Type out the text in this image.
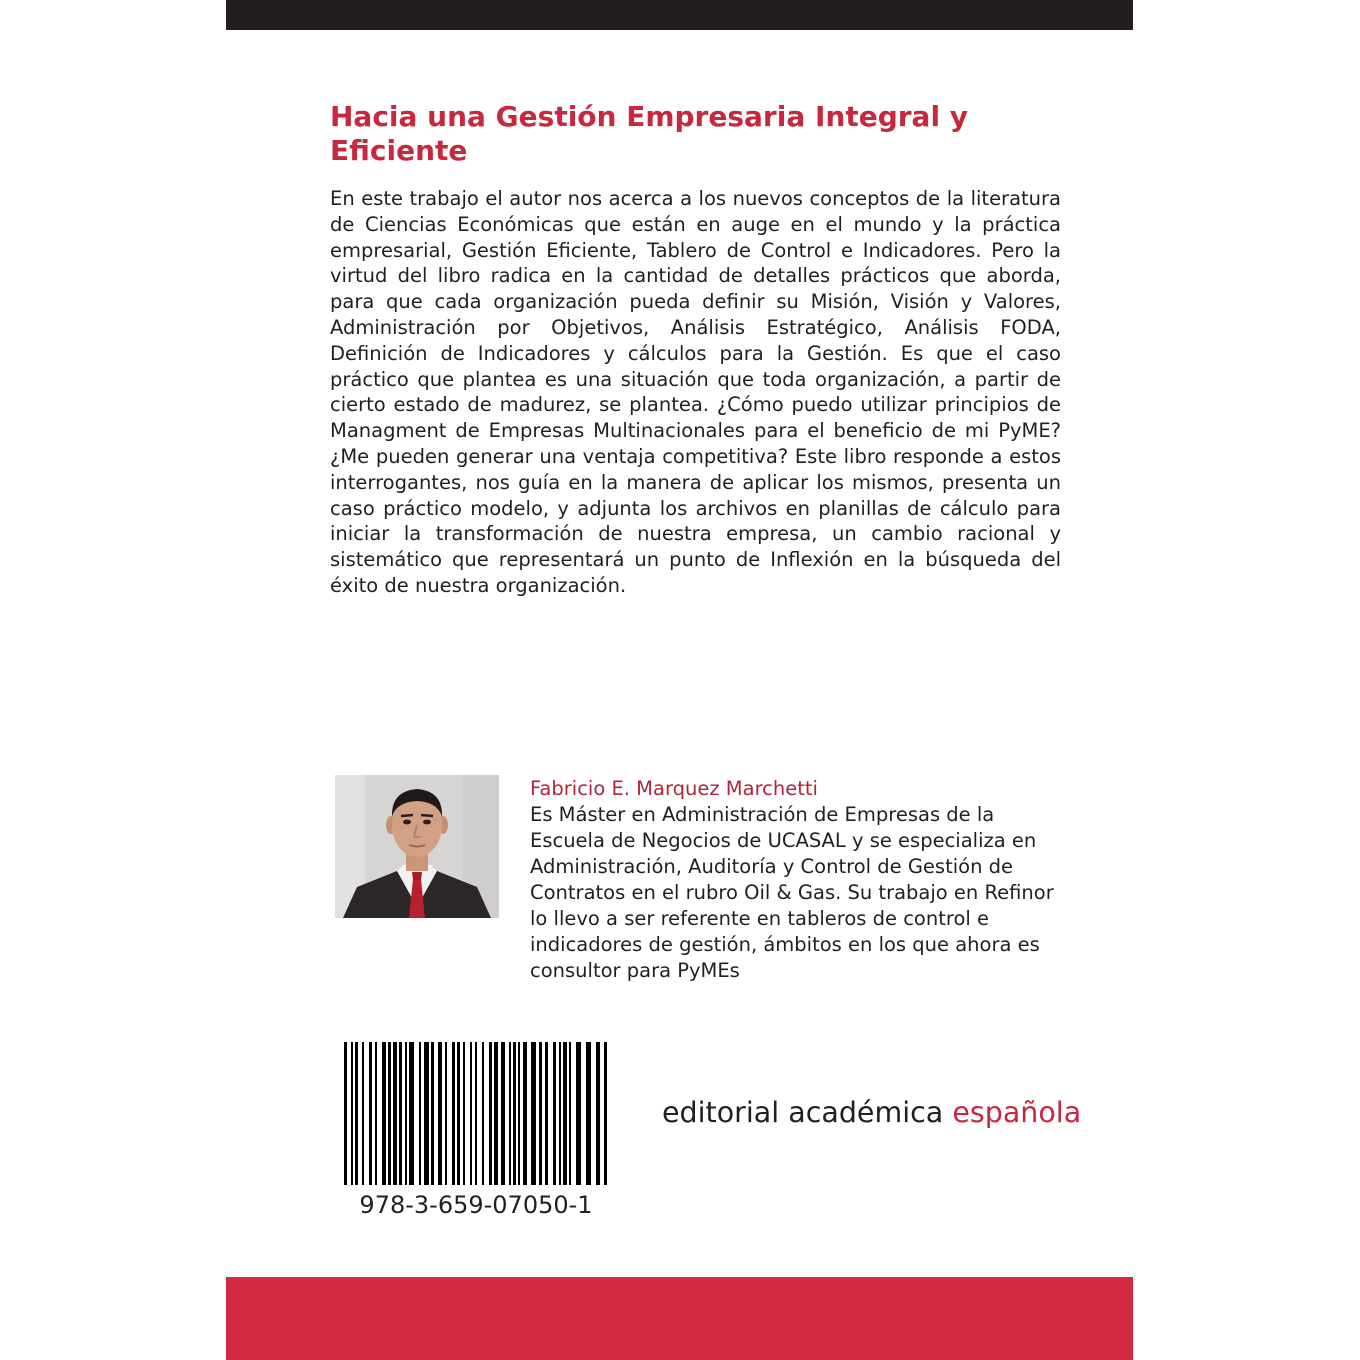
Hacia una Gestión Empresaria Integral y Eficiente

En este trabajo el autor nos acerca a los nuevos conceptos de la literatura de Ciencias Económicas que están en auge en el mundo y la práctica empresarial, Gestión Eficiente, Tablero de Control e Indicadores. Pero la virtud del libro radica en la cantidad de detalles prácticos que aborda, para que cada organización pueda definir su Misión, Visión y Valores, Administración por Objetivos, Análisis Estratégico, Análisis FODA, Definición de Indicadores y cálculos para la Gestión. Es que el caso práctico que plantea es una situación que toda organización, a partir de cierto estado de madurez, se plantea. ¿Cómo puedo utilizar principios de Managment de Empresas Multinacionales para el beneficio de mi PyME? ¿Me pueden generar una ventaja competitiva? Este libro responde a estos interrogantes, nos guía en la manera de aplicar los mismos, presenta un caso práctico modelo, y adjunta los archivos en planillas de cálculo para iniciar la transformación de nuestra empresa, un cambio racional y sistemático que representará un punto de Inflexión en la búsqueda del éxito de nuestra organización.

Fabricio E. Marquez Marchetti

Es Máster en Administración de Empresas de la Escuela de Negocios de UCASAL y se especializa en Administración, Auditoría y Control de Gestión de Contratos en el rubro Oil & Gas. Su trabajo en Refinor lo llevo a ser referente en tableros de control e indicadores de gestión, ámbitos en los que ahora es consultor para PyMEs

978-3-659-07050-1

editorial académica española
